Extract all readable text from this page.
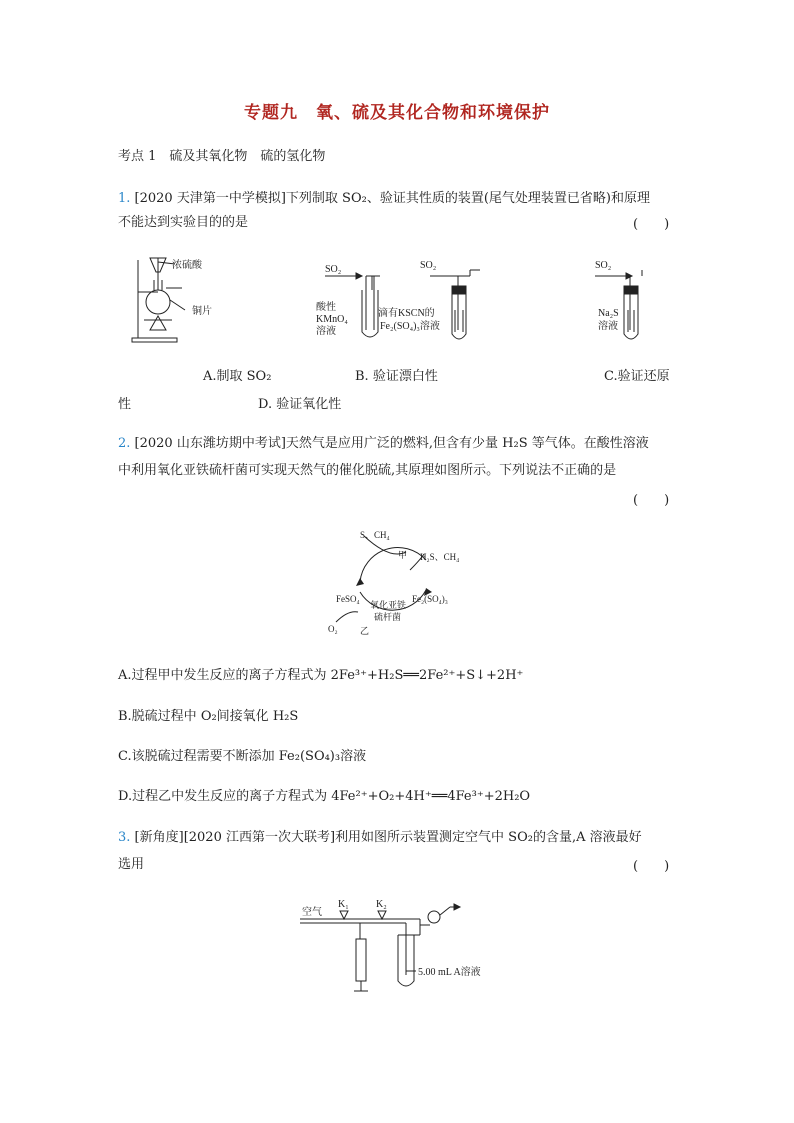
专题九　氧、硫及其化合物和环境保护
考点 1　硫及其氧化物　硫的氢化物
1. [2020 天津第一中学模拟]下列制取 SO₂、验证其性质的装置(尾气处理装置已省略)和原理
不能达到实验目的的是	(　　)
浓硫酸
铜片
SO₂
酸性
KMnO₄
溶液
SO₂
滴有KSCN的
Fe₂(SO₄)₃溶液
SO₂
Na₂S
溶液
A.制取 SO₂	B. 验证漂白性	C.验证还原
性	D. 验证氧化性
2. [2020 山东潍坊期中考试]天然气是应用广泛的燃料,但含有少量 H₂S 等气体。在酸性溶液
中利用氧化亚铁硫杆菌可实现天然气的催化脱硫,其原理如图所示。下列说法不正确的是
(　　)
S、CH₄
甲 H₂S、CH₄
FeSO₄	Fe₂(SO₄)₃
氧化亚铁
硫杆菌
O₂ 乙
A.过程甲中发生反应的离子方程式为 2Fe³⁺+H₂S══2Fe²⁺+S↓+2H⁺
B.脱硫过程中 O₂间接氧化 H₂S
C.该脱硫过程需要不断添加 Fe₂(SO₄)₃溶液
D.过程乙中发生反应的离子方程式为 4Fe²⁺+O₂+4H⁺══4Fe³⁺+2H₂O
3. [新角度][2020 江西第一次大联考]利用如图所示装置测定空气中 SO₂的含量,A 溶液最好
选用	(　　)
空气
K₁	K₂
5.00 mL A溶液
